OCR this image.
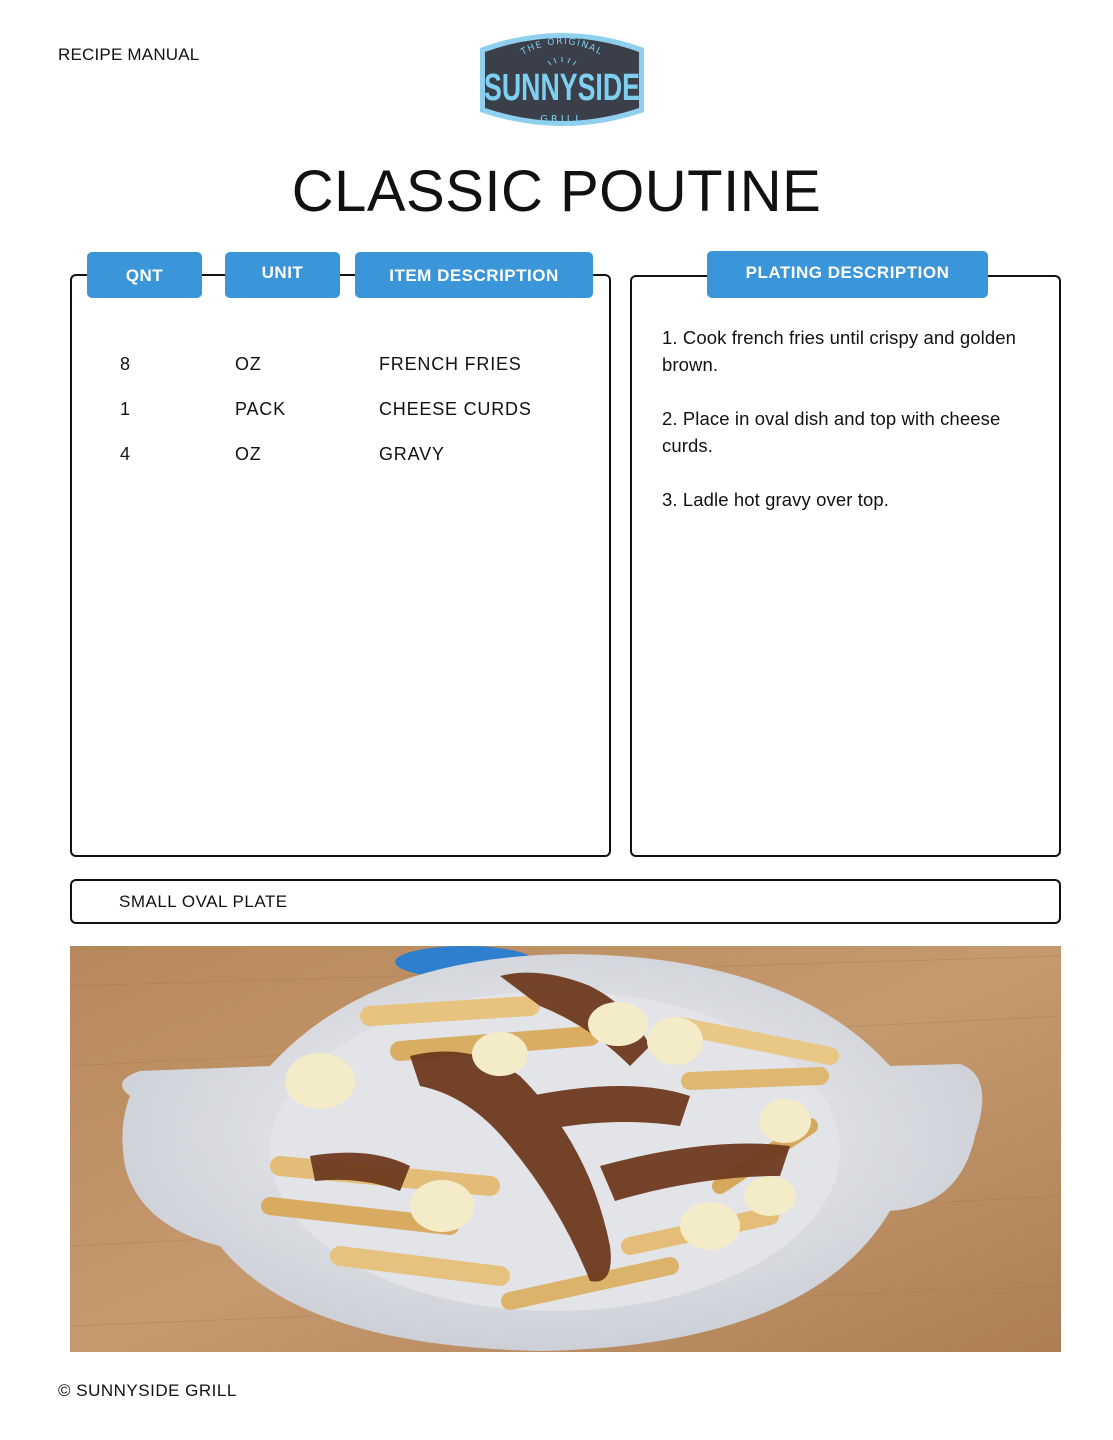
RECIPE MANUAL	THE ORIGINAL
SUNNYSIDE
GRILL
CLASSIC POUTINE
QNT	UNIT	ITEM DESCRIPTION	PLATING DESCRIPTION
8	OZ	FRENCH FRIES
1	PACK	CHEESE CURDS
4	OZ	GRAVY

1. Cook french fries until crispy and golden brown.

2. Place in oval dish and top with cheese curds.

3. Ladle hot gravy over top.

SMALL OVAL PLATE
© SUNNYSIDE GRILL
